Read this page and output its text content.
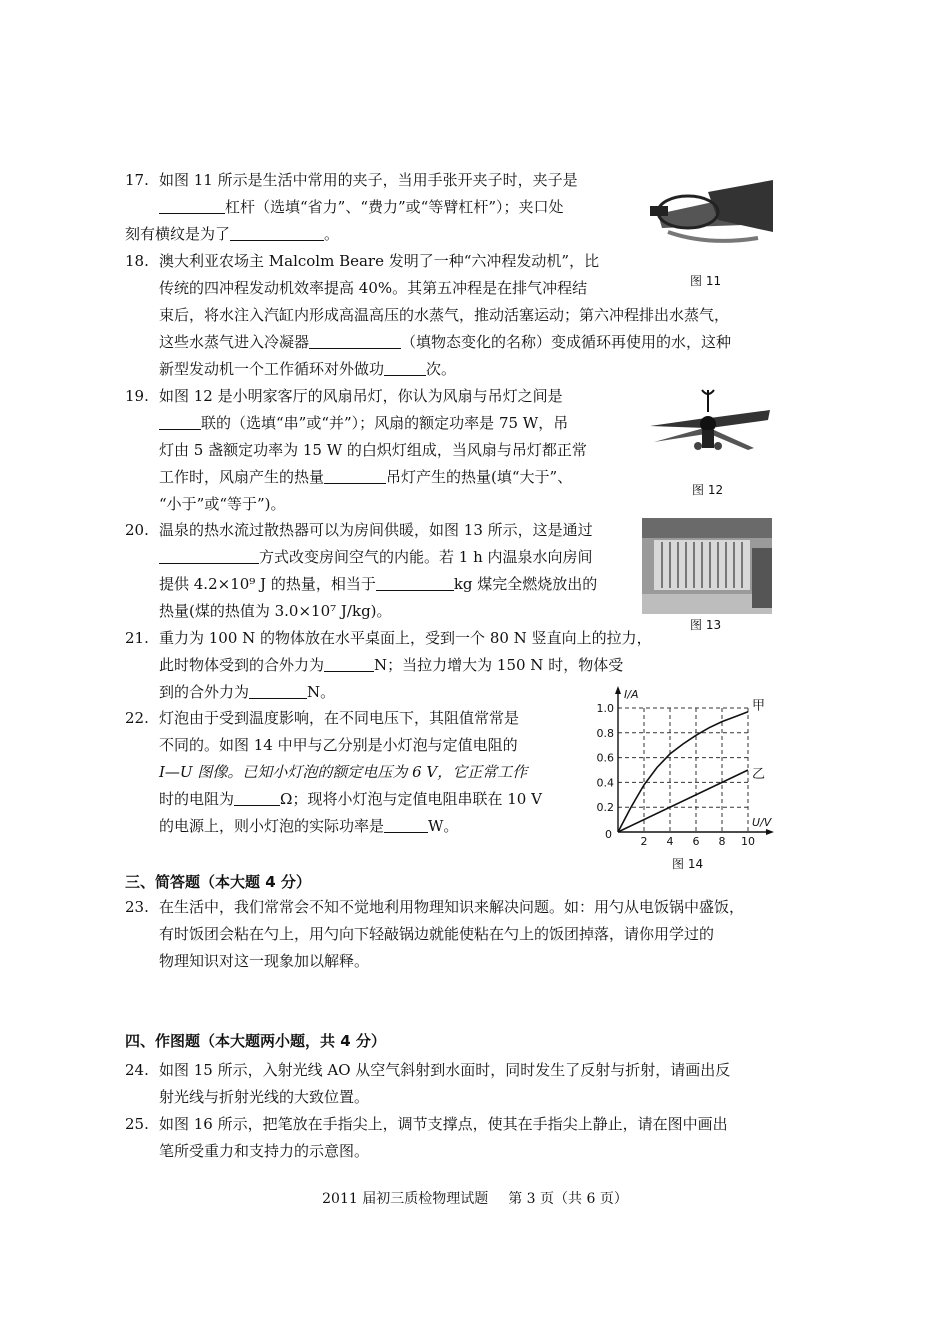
17. 如图 11 所示是生活中常用的夹子，当用手张开夹子时，夹子是

杠杆（选填“省力”、“费力”或“等臂杠杆”）；夹口处

刻有横纹是为了	。

图 11

18. 澳大利亚农场主 Malcolm Beare 发明了一种“六冲程发动机”，比

传统的四冲程发动机效率提高 40%。其第五冲程是在排气冲程结

束后，将水注入汽缸内形成高温高压的水蒸气，推动活塞运动；第六冲程排出水蒸气，

这些水蒸气进入冷凝器	（填物态变化的名称）变成循环再使用的水，这种

新型发动机一个工作循环对外做功	次。

19. 如图 12 是小明家客厅的风扇吊灯，你认为风扇与吊灯之间是

联的（选填“串”或“并”）；风扇的额定功率是 75 W，吊

灯由 5 盏额定功率为 15 W 的白炽灯组成，当风扇与吊灯都正常

工作时，风扇产生的热量	吊灯产生的热量(填“大于”、

“小于”或“等于”)。

图 12

20. 温泉的热水流过散热器可以为房间供暖，如图 13 所示，这是通过

方式改变房间空气的内能。若 1 h 内温泉水向房间

提供 4.2×10⁹ J 的热量，相当于	kg 煤完全燃烧放出的

热量(煤的热值为 3.0×10⁷ J/kg)。

图 13

21. 重力为 100 N 的物体放在水平桌面上，受到一个 80 N 竖直向上的拉力，

此时物体受到的合外力为	N；当拉力增大为 150 N 时，物体受

到的合外力为	N。

22. 灯泡由于受到温度影响，在不同电压下，其阻值常常是

不同的。如图 14 中甲与乙分别是小灯泡与定值电阻的

I—U 图像。已知小灯泡的额定电压为 6 V，它正常工作

时的电阻为	Ω；现将小灯泡与定值电阻串联在 10 V

的电源上，则小灯泡的实际功率是	W。	U/V
I/A
2 4 6 8 10
0.2
0.4
0.6
0.8
1.0
0
甲
乙
图 14
三、简答题（本大题 4 分）

23. 在生活中，我们常常会不知不觉地利用物理知识来解决问题。如：用勺从电饭锅中盛饭，

有时饭团会粘在勺上，用勺向下轻敲锅边就能使粘在勺上的饭团掉落，请你用学过的

物理知识对这一现象加以解释。

四、作图题（本大题两小题，共 4 分）

24. 如图 15 所示，入射光线 AO 从空气斜射到水面时，同时发生了反射与折射，请画出反

射光线与折射光线的大致位置。

25. 如图 16 所示，把笔放在手指尖上，调节支撑点，使其在手指尖上静止，请在图中画出

笔所受重力和支持力的示意图。

2011 届初三质检物理试题 第 3 页（共 6 页）
